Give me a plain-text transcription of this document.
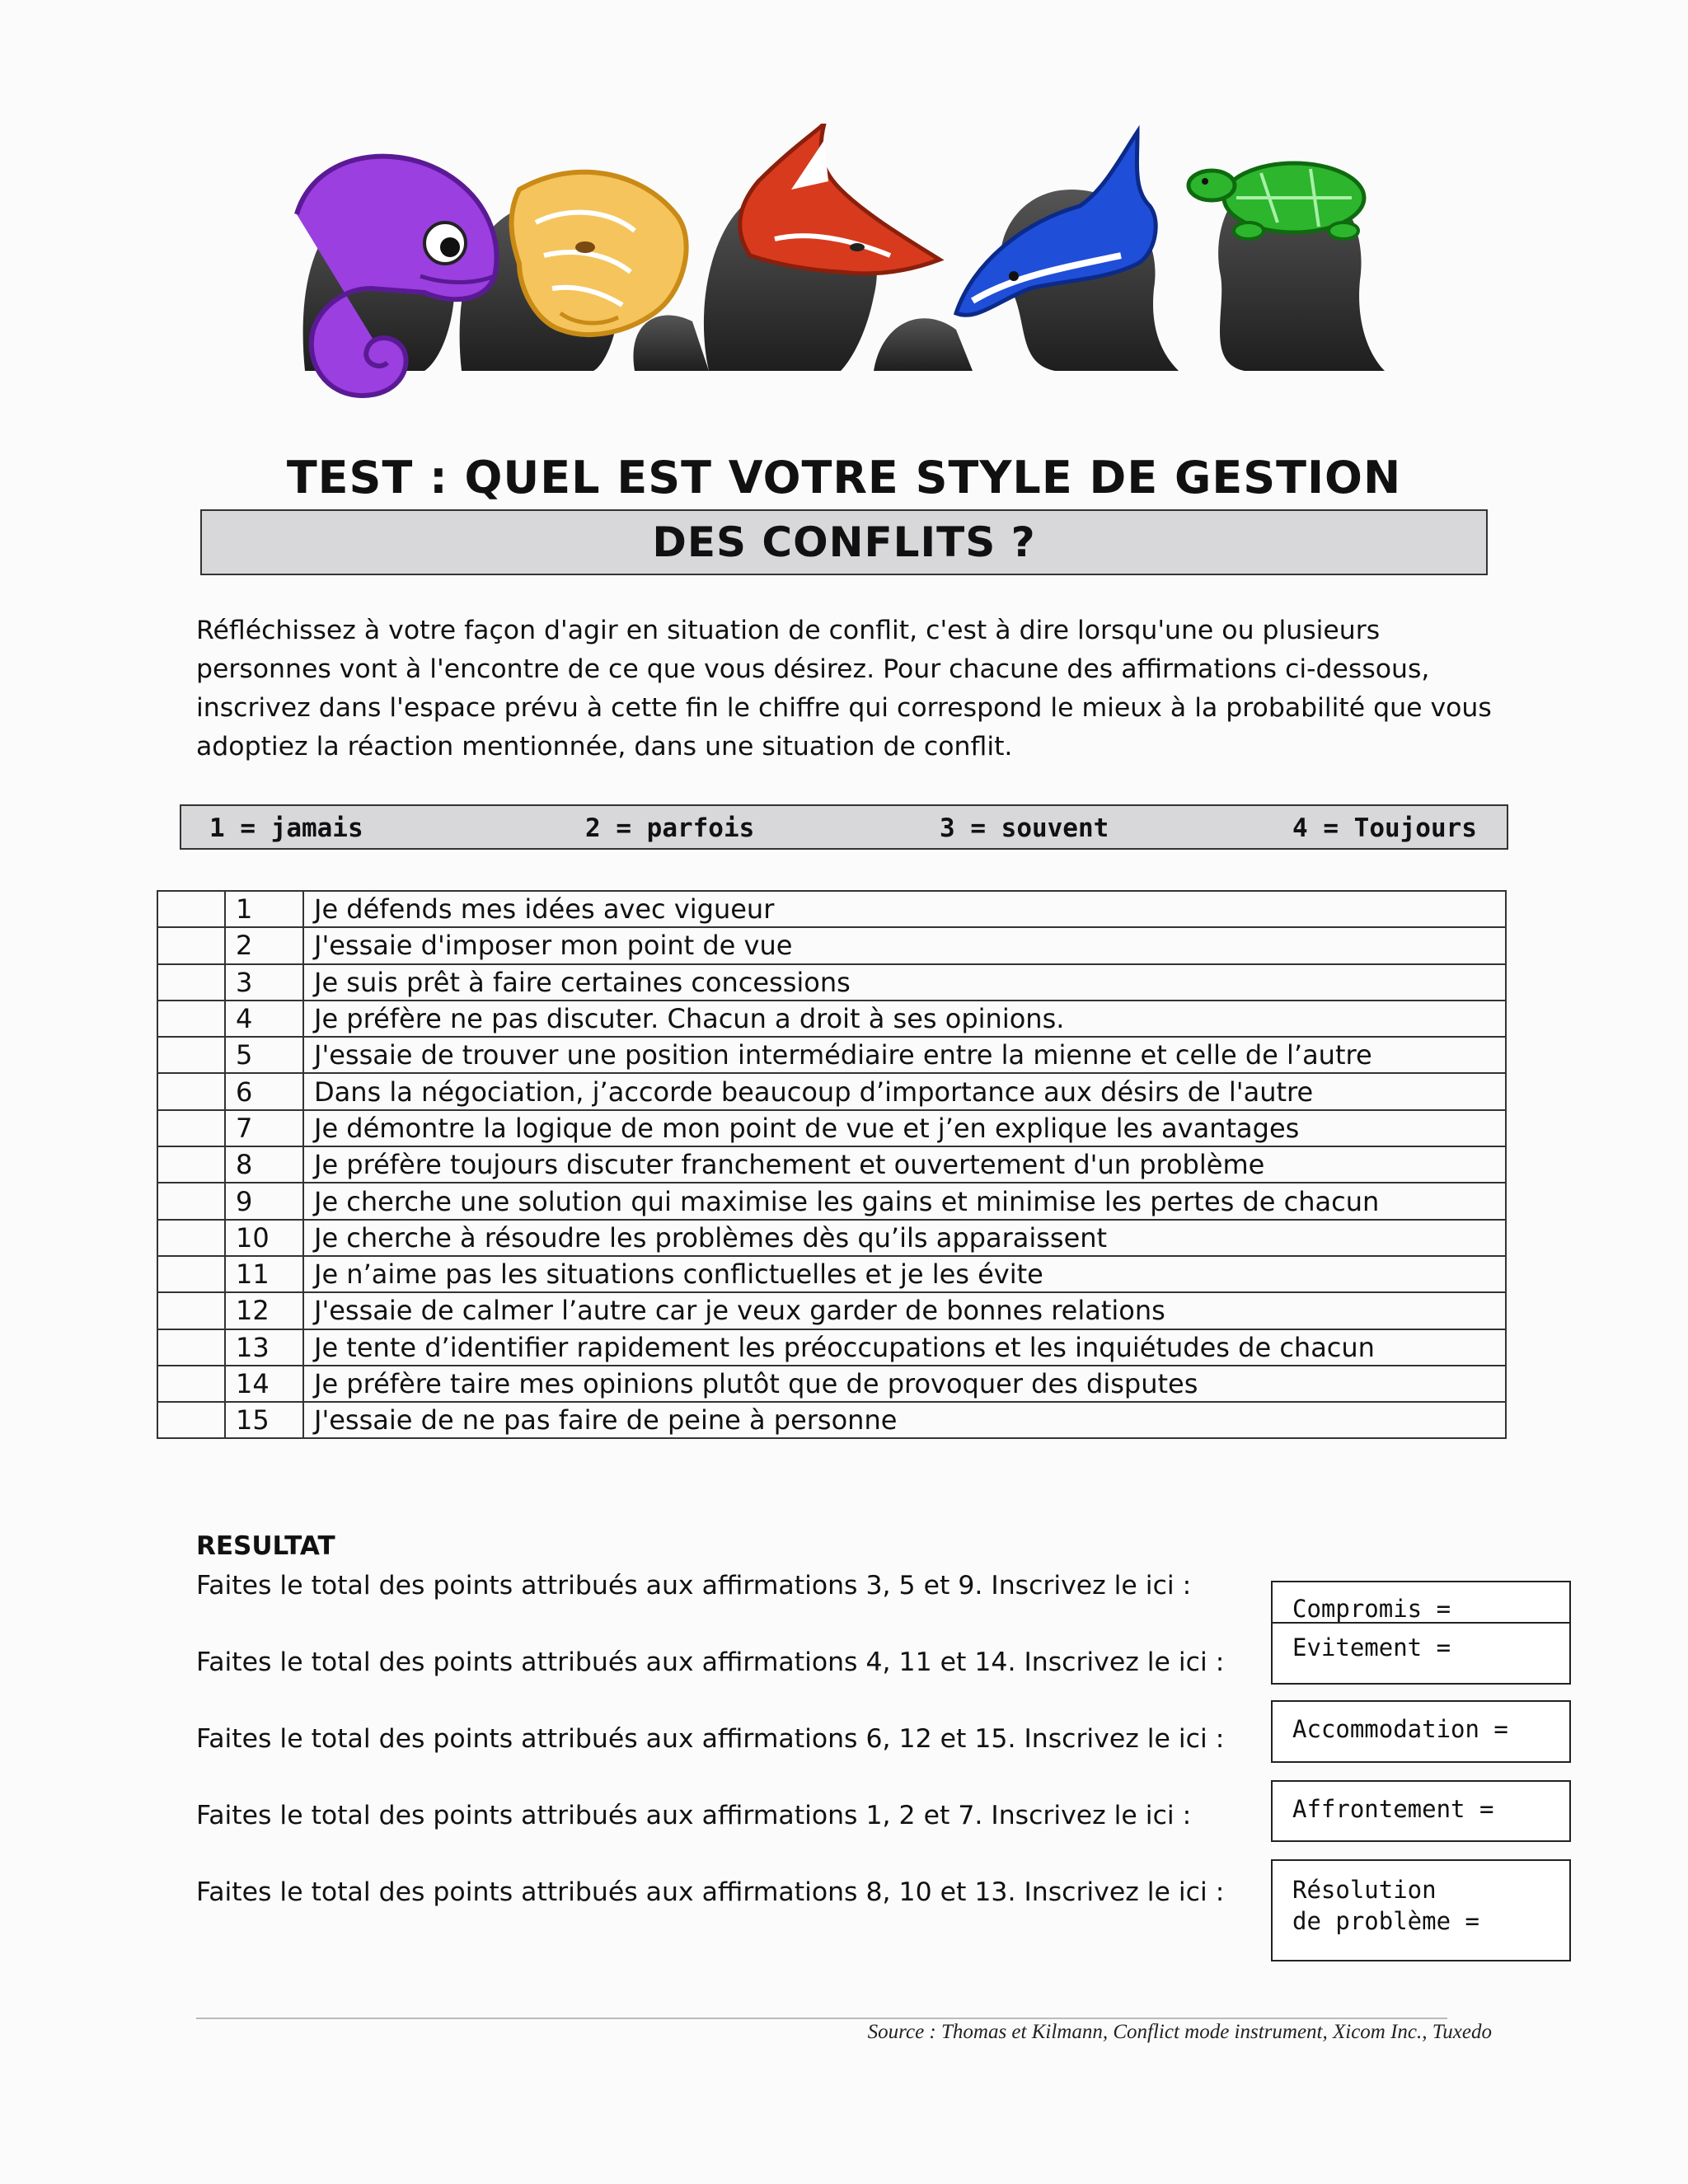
TEST : QUEL EST VOTRE STYLE DE GESTION
DES CONFLITS ?
Réfléchissez à votre façon d'agir en situation de conflit, c'est à dire lorsqu'une ou plusieurs
personnes vont à l'encontre de ce que vous désirez. Pour chacune des affirmations ci-dessous,
inscrivez dans l'espace prévu à cette fin le chiffre qui correspond le mieux à la probabilité que vous
adoptiez la réaction mentionnée, dans une situation de conflit.
1 = jamais	2 = parfois	3 = souvent	4 = Toujours
	1	Je défends mes idées avec vigueur
	2	J'essaie d'imposer mon point de vue
	3	Je suis prêt à faire certaines concessions
	4	Je préfère ne pas discuter. Chacun a droit à ses opinions.
	5	J'essaie de trouver une position intermédiaire entre la mienne et celle de l’autre
	6	Dans la négociation, j’accorde beaucoup d’importance aux désirs de l'autre
	7	Je démontre la logique de mon point de vue et j’en explique les avantages
	8	Je préfère toujours discuter franchement et ouvertement d'un problème
	9	Je cherche une solution qui maximise les gains et minimise les pertes de chacun
	10	Je cherche à résoudre les problèmes dès qu’ils apparaissent
	11	Je n’aime pas les situations conflictuelles et je les évite
	12	J'essaie de calmer l’autre car je veux garder de bonnes relations
	13	Je tente d’identifier rapidement les préoccupations et les inquiétudes de chacun
	14	Je préfère taire mes opinions plutôt que de provoquer des disputes
	15	J'essaie de ne pas faire de peine à personne
RESULTAT
Faites le total des points attribués aux affirmations 3, 5 et 9. Inscrivez le ici :
Faites le total des points attribués aux affirmations 4, 11 et 14. Inscrivez le ici :
Faites le total des points attribués aux affirmations 6, 12 et 15. Inscrivez le ici :
Faites le total des points attribués aux affirmations 1, 2 et 7. Inscrivez le ici :
Faites le total des points attribués aux affirmations 8, 10 et 13. Inscrivez le ici :
Compromis =
Evitement =
Accommodation =
Affrontement =
Résolution
de problème =
Source : Thomas et Kilmann, Conflict mode instrument, Xicom Inc., Tuxedo
